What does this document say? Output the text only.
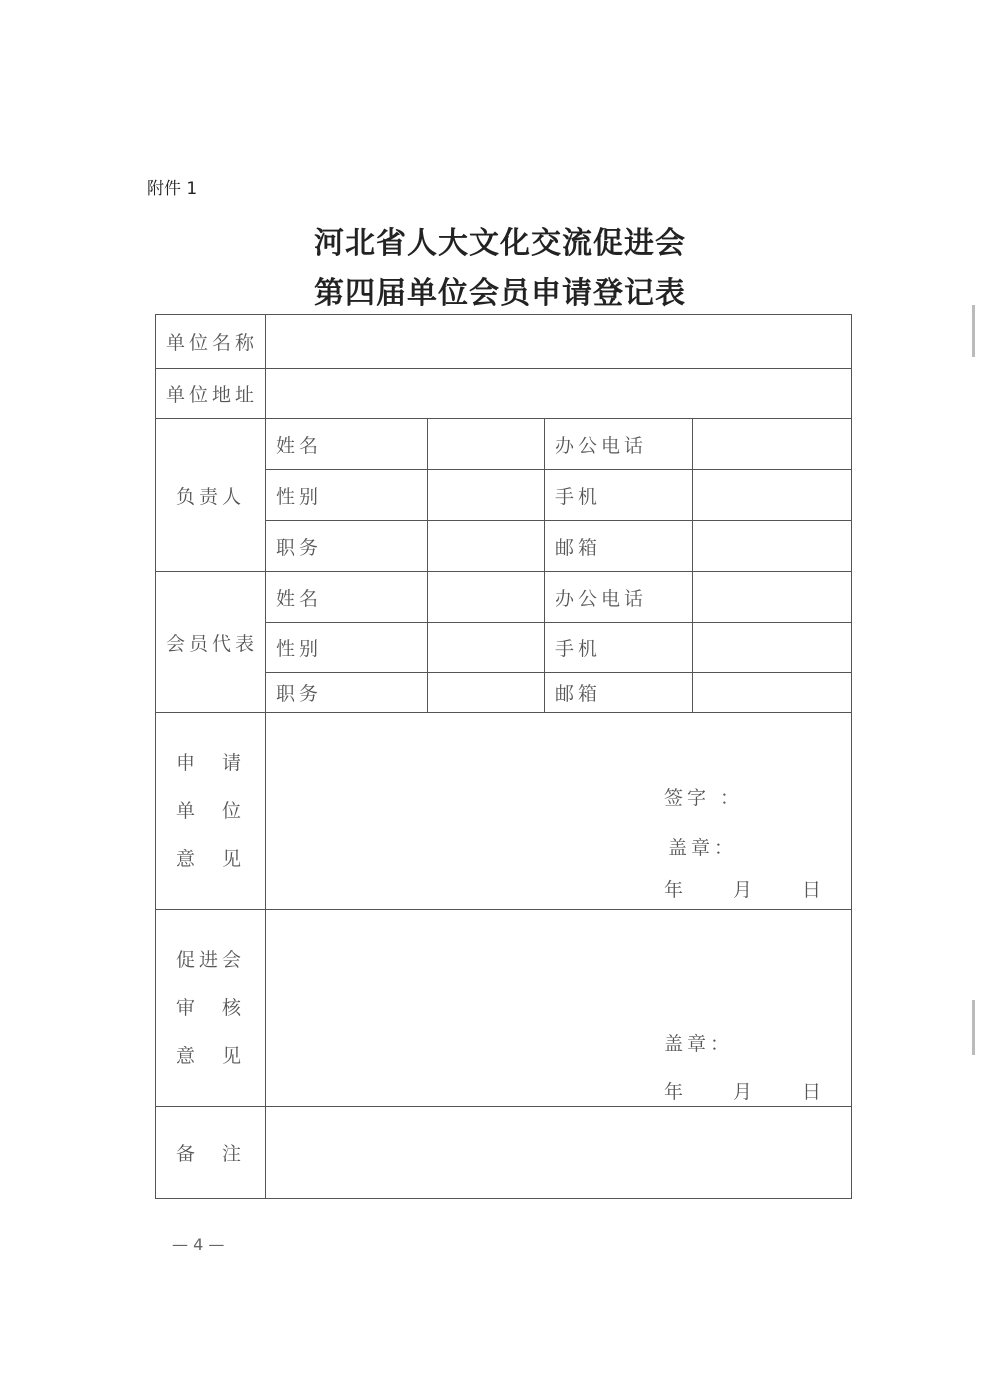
附件 1
河北省人大文化交流促进会
第四届单位会员申请登记表
单位名称				
单位地址				
负责人	姓名		办公电话	
	性别		手机	
	职务		邮箱	
会员代表	姓名		办公电话	
	性别		手机	
	职务		邮箱	

申　请
单　位
意　见	签字 ：
盖章：
年　　月　　日			

促进会
审　核
意　见	盖章：
年　　月　　日			

备　注				
— 4 —
